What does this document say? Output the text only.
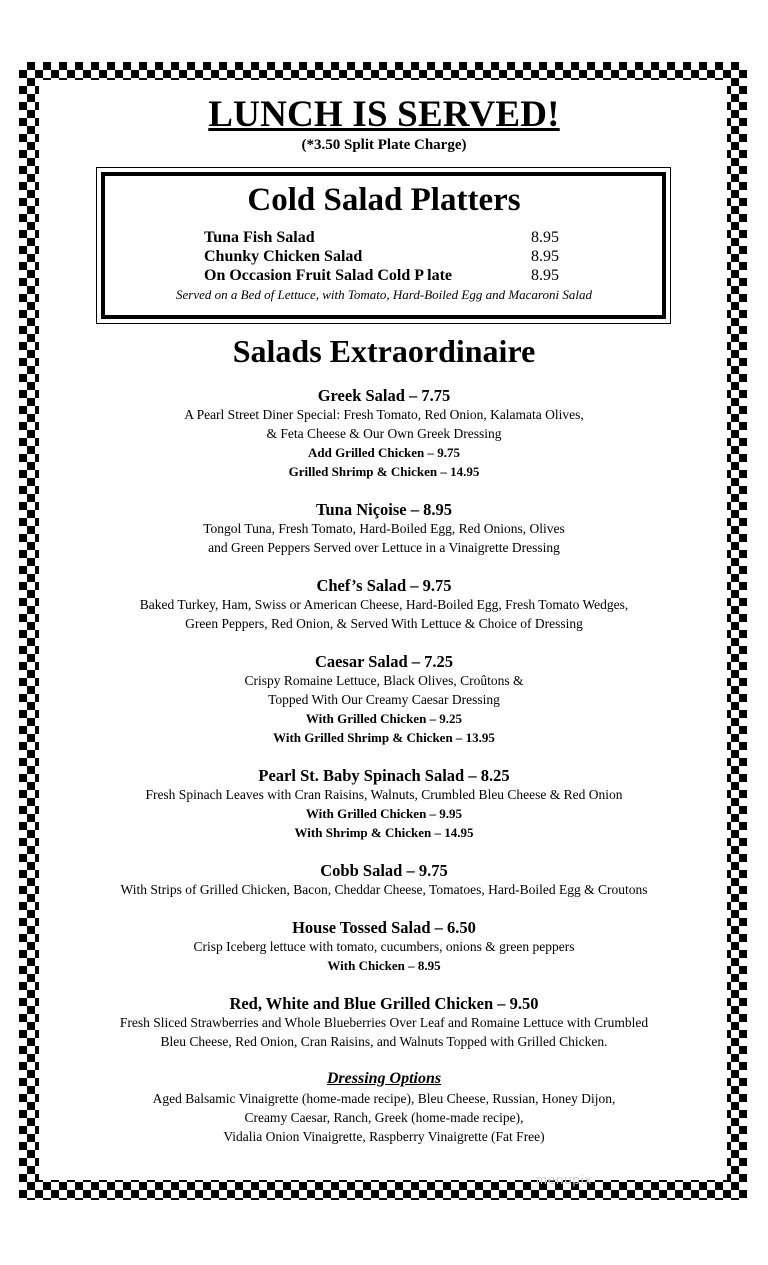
LUNCH IS SERVED!
(*3.50 Split Plate Charge)
Cold Salad Platters
Tuna Fish Salad	8.95
Chunky Chicken Salad	8.95
On Occasion Fruit Salad Cold P late	8.95
Served on a Bed of Lettuce, with Tomato, Hard-Boiled Egg and Macaroni Salad
Salads Extraordinaire
Greek Salad – 7.75
A Pearl Street Diner Special: Fresh Tomato, Red Onion, Kalamata Olives,
& Feta Cheese & Our Own Greek Dressing
Add Grilled Chicken – 9.75
Grilled Shrimp & Chicken – 14.95
Tuna Niçoise – 8.95
Tongol Tuna, Fresh Tomato, Hard-Boiled Egg, Red Onions, Olives
and Green Peppers Served over Lettuce in a Vinaigrette Dressing
Chef’s Salad – 9.75
Baked Turkey, Ham, Swiss or American Cheese, Hard-Boiled Egg, Fresh Tomato Wedges,
Green Peppers, Red Onion, & Served With Lettuce & Choice of Dressing
Caesar Salad – 7.25
Crispy Romaine Lettuce, Black Olives, Croûtons &
Topped With Our Creamy Caesar Dressing
With Grilled Chicken – 9.25
With Grilled Shrimp & Chicken – 13.95
Pearl St. Baby Spinach Salad – 8.25
Fresh Spinach Leaves with Cran Raisins, Walnuts, Crumbled Bleu Cheese & Red Onion
With Grilled Chicken – 9.95
With Shrimp & Chicken – 14.95
Cobb Salad – 9.75
With Strips of Grilled Chicken, Bacon, Cheddar Cheese, Tomatoes, Hard-Boiled Egg & Croutons
House Tossed Salad – 6.50
Crisp Iceberg lettuce with tomato, cucumbers, onions & green peppers
With Chicken – 8.95
Red, White and Blue Grilled Chicken – 9.50
Fresh Sliced Strawberries and Whole Blueberries Over Leaf and Romaine Lettuce with Crumbled
Bleu Cheese, Red Onion, Cran Raisins, and Walnuts Topped with Grilled Chicken.
Dressing Options
Aged Balsamic Vinaigrette (home-made recipe), Bleu Cheese, Russian, Honey Dijon,
Creamy Caesar, Ranch, Greek (home-made recipe),
Vidalia Onion Vinaigrette, Raspberry Vinaigrette (Fat Free)
menupix
